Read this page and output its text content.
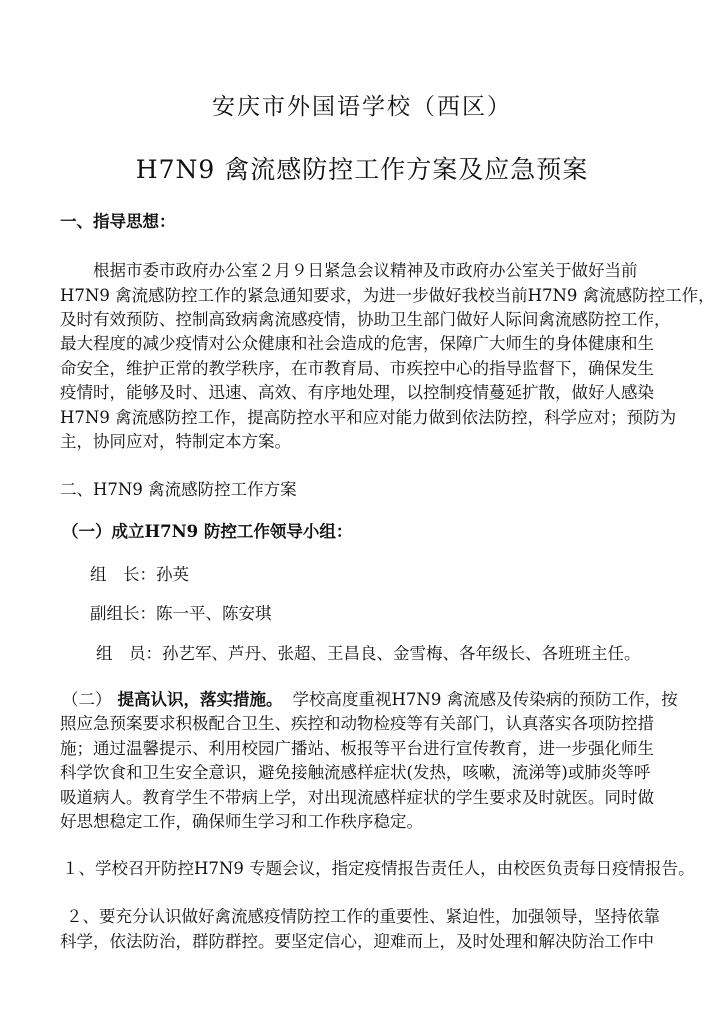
安庆市外国语学校（西区）
H7N9 禽流感防控工作方案及应急预案
一、指导思想：
根据市委市政府办公室２月９日紧急会议精神及市政府办公室关于做好当前
H7N9 禽流感防控工作的紧急通知要求，为进一步做好我校当前H7N9 禽流感防控工作，
及时有效预防、控制高致病禽流感疫情，协助卫生部门做好人际间禽流感防控工作，
最大程度的减少疫情对公众健康和社会造成的危害，保障广大师生的身体健康和生
命安全，维护正常的教学秩序，在市教育局、市疾控中心的指导监督下，确保发生
疫情时，能够及时、迅速、高效、有序地处理，以控制疫情蔓延扩散，做好人感染
H7N9 禽流感防控工作，提高防控水平和应对能力做到依法防控，科学应对；预防为
主，协同应对，特制定本方案。
二、H7N9 禽流感防控工作方案
（一）成立H7N9 防控工作领导小组：
组　长：孙英
副组长：陈一平、陈安琪
组　员：孙艺军、芦丹、张超、王昌良、金雪梅、各年级长、各班班主任。
（二） 提高认识，落实措施。 学校高度重视H7N9 禽流感及传染病的预防工作，按
照应急预案要求积极配合卫生、疾控和动物检疫等有关部门，认真落实各项防控措
施；通过温馨提示、利用校园广播站、板报等平台进行宣传教育，进一步强化师生
科学饮食和卫生安全意识，避免接触流感样症状(发热，咳嗽，流涕等)或肺炎等呼
吸道病人。教育学生不带病上学，对出现流感样症状的学生要求及时就医。同时做
好思想稳定工作，确保师生学习和工作秩序稳定。
１、学校召开防控H7N9 专题会议，指定疫情报告责任人，由校医负责每日疫情报告。
２、要充分认识做好禽流感疫情防控工作的重要性、紧迫性，加强领导，坚持依靠
科学，依法防治，群防群控。要坚定信心，迎难而上，及时处理和解决防治工作中
